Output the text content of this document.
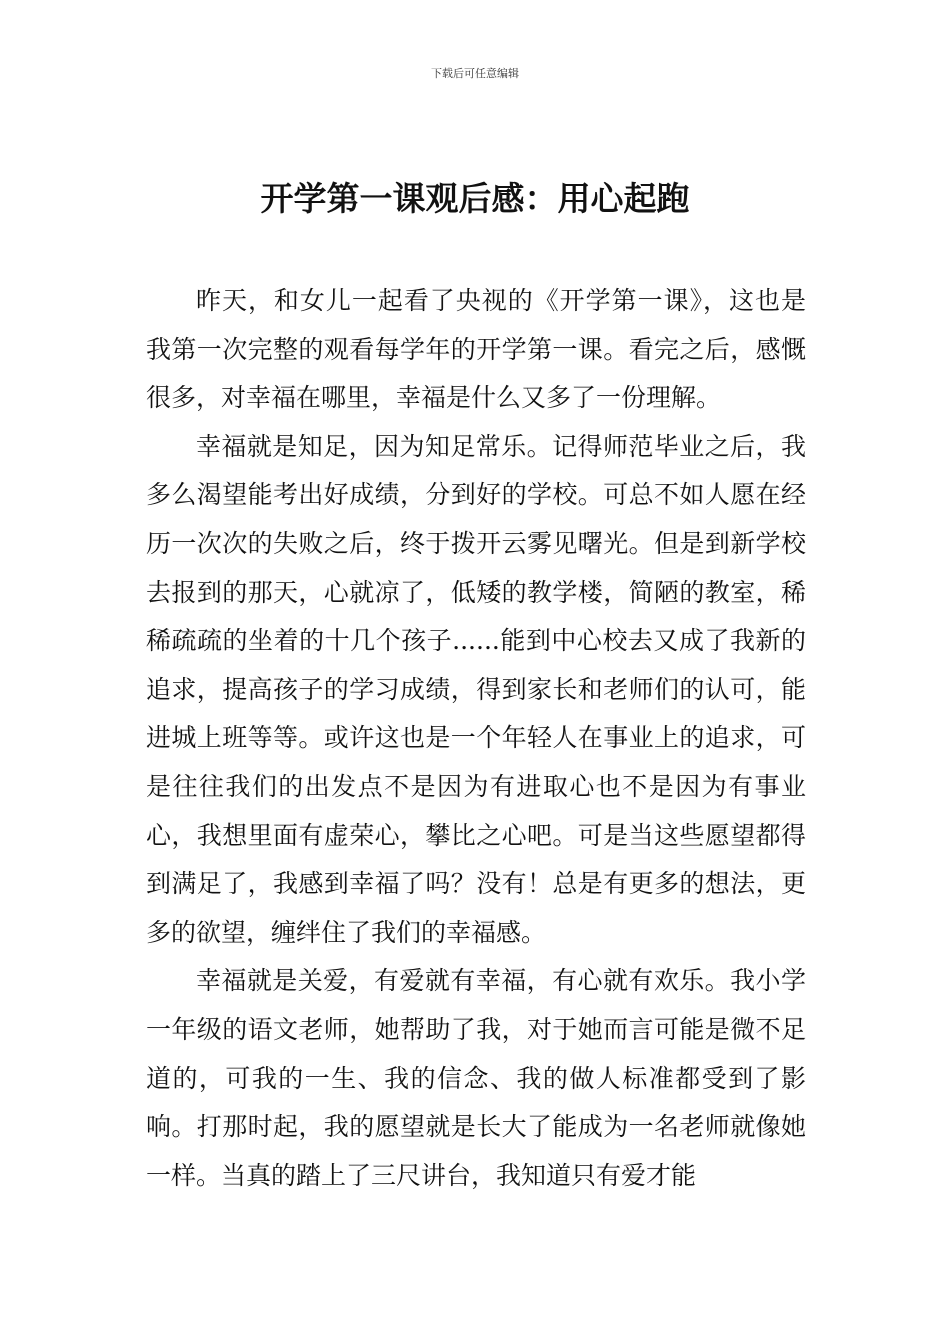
下载后可任意编辑
开学第一课观后感：用心起跑

昨天，和女儿一起看了央视的《开学第一课》，这也是我第一次完整的观看每学年的开学第一课。看完之后，感慨很多，对幸福在哪里，幸福是什么又多了一份理解。

幸福就是知足，因为知足常乐。记得师范毕业之后，我多么渴望能考出好成绩，分到好的学校。可总不如人愿在经历一次次的失败之后，终于拨开云雾见曙光。但是到新学校去报到的那天，心就凉了，低矮的教学楼，简陋的教室，稀稀疏疏的坐着的十几个孩子......能到中心校去又成了我新的追求，提高孩子的学习成绩，得到家长和老师们的认可，能进城上班等等。或许这也是一个年轻人在事业上的追求，可是往往我们的出发点不是因为有进取心也不是因为有事业心，我想里面有虚荣心，攀比之心吧。可是当这些愿望都得到满足了，我感到幸福了吗？没有！总是有更多的想法，更多的欲望，缠绊住了我们的幸福感。

幸福就是关爱，有爱就有幸福，有心就有欢乐。我小学一年级的语文老师，她帮助了我，对于她而言可能是微不足道的，可我的一生、我的信念、我的做人标准都受到了影响。打那时起，我的愿望就是长大了能成为一名老师就像她一样。当真的踏上了三尺讲台，我知道只有爱才能
